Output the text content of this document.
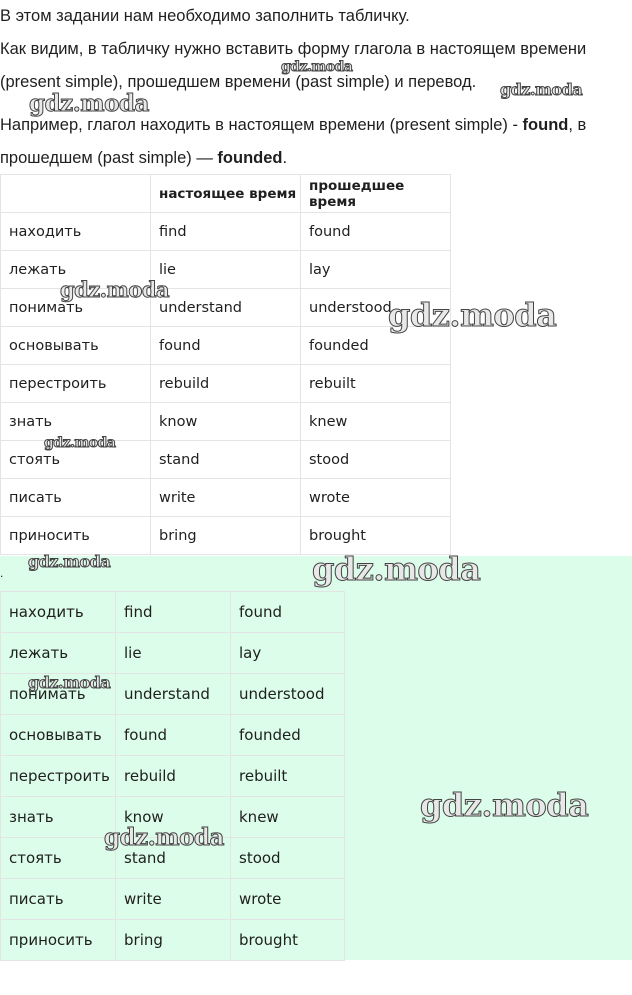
В этом задании нам необходимо заполнить табличку.

Как видим, в табличку нужно вставить форму глагола в настоящем времени

(present simple), прошедшем времени (past simple) и перевод.

Например, глагол находить в настоящем времени (present simple) - found, в

прошедшем (past simple) — founded.

	настоящее время	прошедшее время
находить	find	found
лежать	lie	lay
понимать	understand	understood
основывать	found	founded
перестроить	rebuild	rebuilt
знать	know	knew
стоять	stand	stood
писать	write	wrote
приносить	bring	brought
.
находить	find	found
лежать	lie	lay
понимать	understand	understood
основывать	found	founded
перестроить	rebuild	rebuilt
знать	know	knew
стоять	stand	stood
писать	write	wrote
приносить	bring	brought
gdz.moda
gdz.moda
gdz.moda
gdz.moda
gdz.moda
gdz.moda
gdz.moda	gdz.moda
gdz.moda
gdz.moda
gdz.moda
